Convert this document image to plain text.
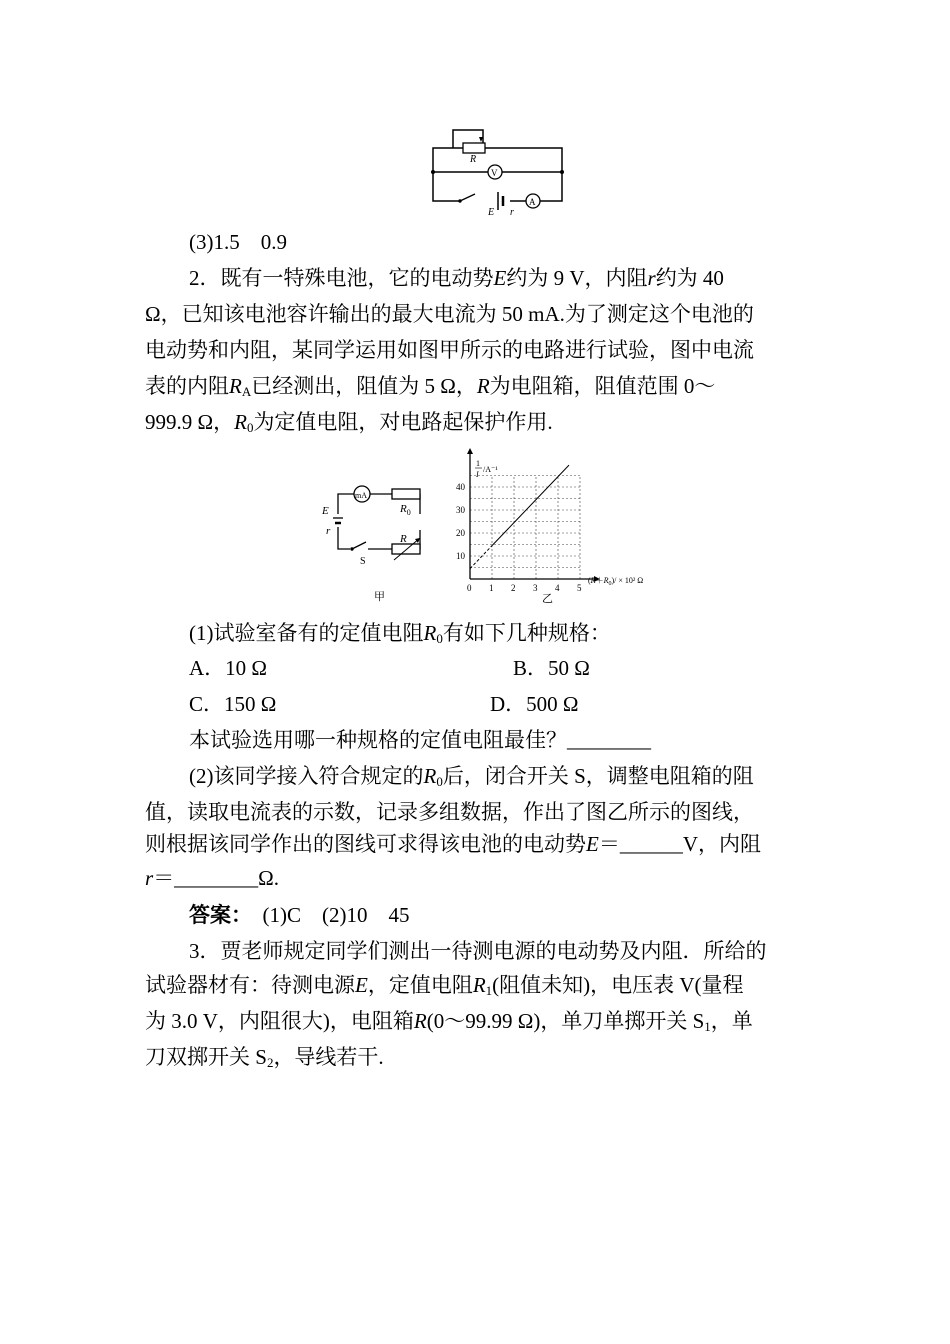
R
V
E r
A
(3)1.5　0.9
2．既有一特殊电池，它的电动势E约为 9 V，内阻r约为 40
Ω，已知该电池容许输出的最大电流为 50 mA.为了测定这个电池的
电动势和内阻，某同学运用如图甲所示的电路进行试验，图中电流
表的内阻$R_A$已经测出，阻值为 5 Ω，R为电阻箱，阻值范围 0～
999.9 Ω，$R_0$为定值电阻，对电路起保护作用.
E
r
mA
$R_0$
S
R
甲
0 1 2 3 4 5
10
20
30
40
1
I
/A⁻¹
$(R+R_0)/ \times 10^2$ Ω
乙
(1)试验室备有的定值电阻$R_0$有如下几种规格：
A．10 Ω	B．50 Ω
C．150 Ω	D．500 Ω
本试验选用哪一种规格的定值电阻最佳？________
(2)该同学接入符合规定的$R_0$后，闭合开关 S，调整电阻箱的阻
值，读取电流表的示数，记录多组数据，作出了图乙所示的图线，
则根据该同学作出的图线可求得该电池的电动势E＝______V，内阻
r＝________Ω.
答案：　(1)C　(2)10　45
3．贾老师规定同学们测出一待测电源的电动势及内阻．所给的
试验器材有：待测电源E，定值电阻$R_1$(阻值未知)，电压表 V(量程
为 3.0 V，内阻很大)，电阻箱R(0～99.99 Ω)，单刀单掷开关 $S_1$，单
刀双掷开关 $S_2$，导线若干.
